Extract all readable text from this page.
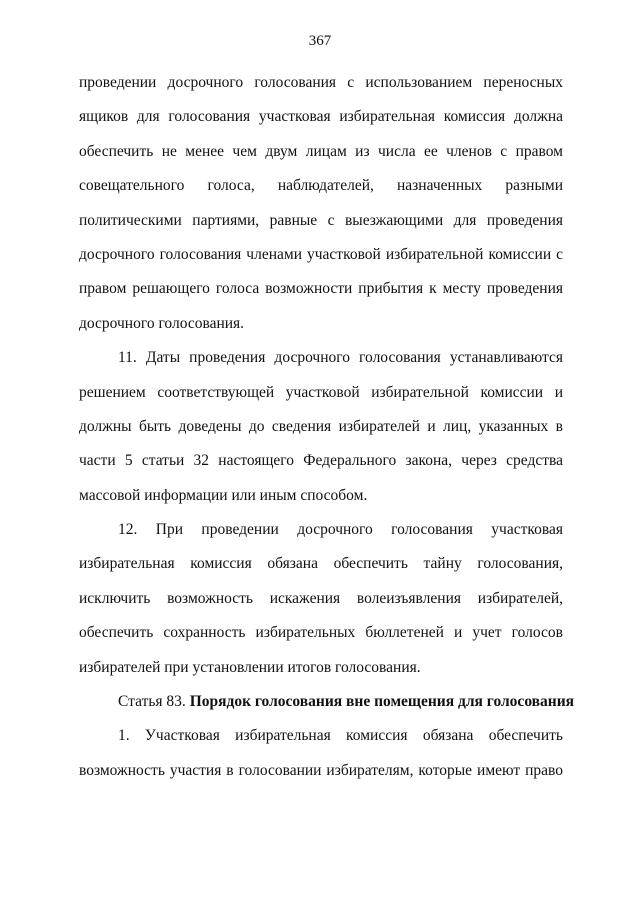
367
проведении досрочного голосования с использованием переносных
ящиков для голосования участковая избирательная комиссия должна
обеспечить не менее чем двум лицам из числа ее членов с правом
совещательного голоса, наблюдателей, назначенных разными
политическими партиями, равные с выезжающими для проведения
досрочного голосования членами участковой избирательной комиссии с
правом решающего голоса возможности прибытия к месту проведения
досрочного голосования.
11. Даты проведения досрочного голосования устанавливаются
решением соответствующей участковой избирательной комиссии и
должны быть доведены до сведения избирателей и лиц, указанных в
части 5 статьи 32 настоящего Федерального закона, через средства
массовой информации или иным способом.
12. При проведении досрочного голосования участковая
избирательная комиссия обязана обеспечить тайну голосования,
исключить возможность искажения волеизъявления избирателей,
обеспечить сохранность избирательных бюллетеней и учет голосов
избирателей при установлении итогов голосования.
Статья 83. Порядок голосования вне помещения для голосования
1. Участковая избирательная комиссия обязана обеспечить
возможность участия в голосовании избирателям, которые имеют право
